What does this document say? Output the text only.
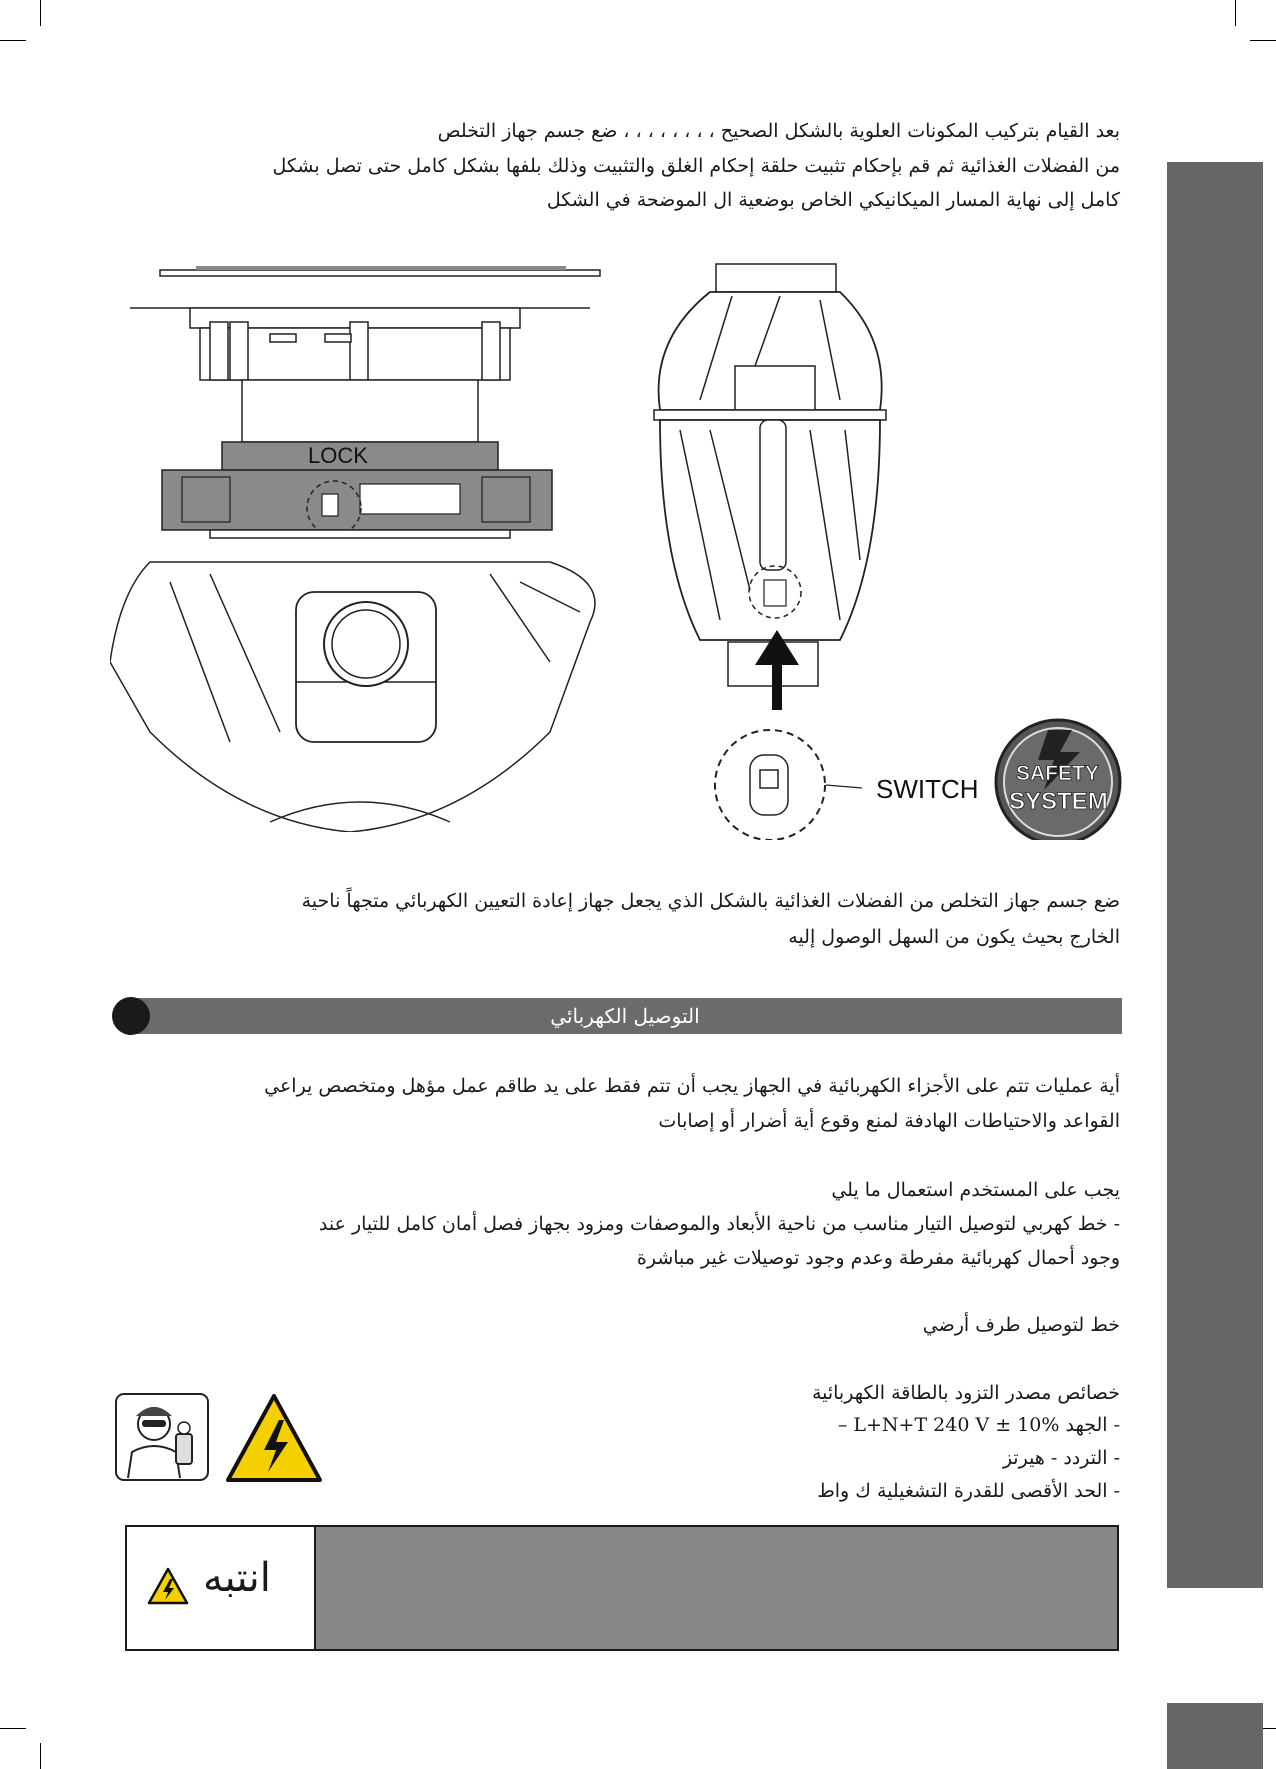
بعد القيام بتركيب المكونات العلوية بالشكل الصحيح ، ، ، ، ، ، ، ، ضع جسم جهاز التخلص
من الفضلات الغذائية ثم قم بإحكام تثبيت حلقة إحكام الغلق والتثبيت وذلك بلفها بشكل كامل حتى تصل بشكل
كامل إلى نهاية المسار الميكانيكي الخاص بوضعية ال الموضحة في الشكل
LOCK
SWITCH
SAFETY
SYSTEM
ضع جسم جهاز التخلص من الفضلات الغذائية بالشكل الذي يجعل جهاز إعادة التعيين الكهربائي متجهاً ناحية
الخارج بحيث يكون من السهل الوصول إليه
التوصيل الكهربائي
أية عمليات تتم على الأجزاء الكهربائية في الجهاز يجب أن تتم فقط على يد طاقم عمل مؤهل ومتخصص يراعي
القواعد والاحتياطات الهادفة لمنع وقوع أية أضرار أو إصابات
يجب على المستخدم استعمال ما يلي
- خط كهربي لتوصيل التيار مناسب من ناحية الأبعاد والموصفات ومزود بجهاز فصل أمان كامل للتيار عند
وجود أحمال كهربائية مفرطة وعدم وجود توصيلات غير مباشرة
خط لتوصيل طرف أرضي
خصائص مصدر التزود بالطاقة الكهربائية
- الجهد L+N+T 240 V ± 10% –
- التردد - هيرتز
- الحد الأقصى للقدرة التشغيلية ك واط
انتبه
